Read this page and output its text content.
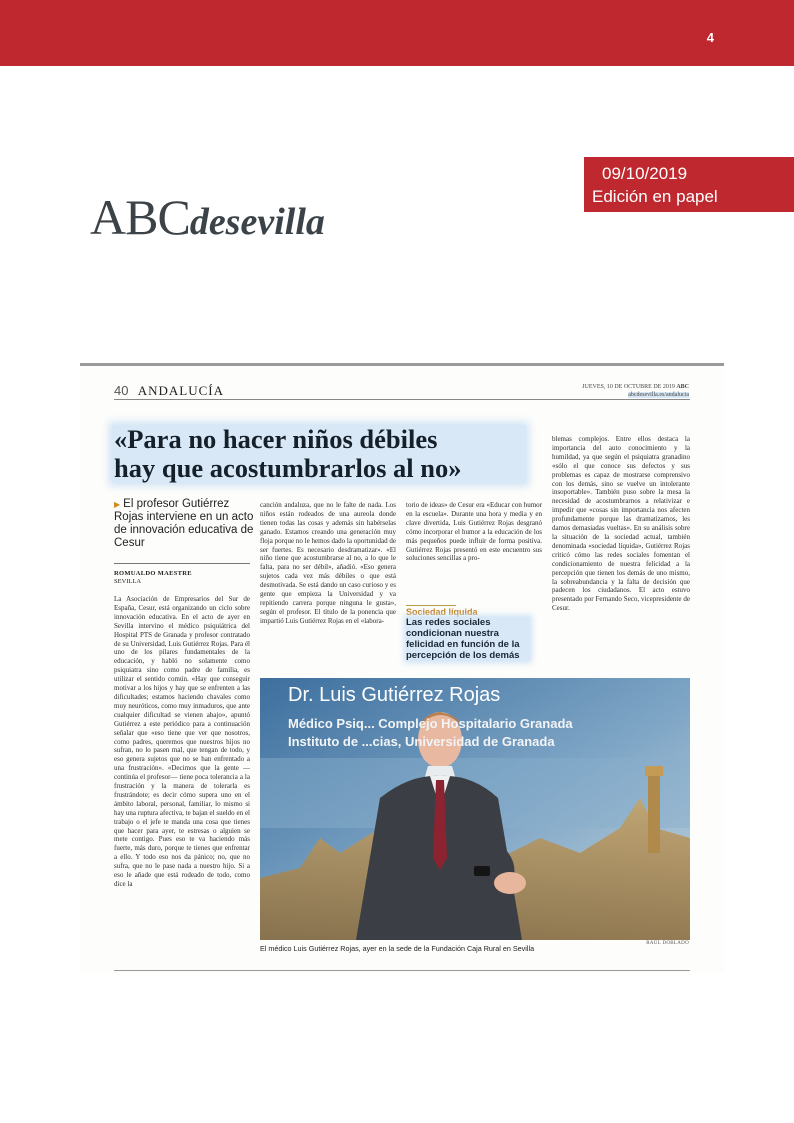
4
09/10/2019
Edición en papel
ABCdesevilla
40 ANDALUCÍA	JUEVES, 10 DE OCTUBRE DE 2019 ABC
abcdesevilla.es/andalucia
«Para no hacer niños débiles
hay que acostumbrarlos al no»
▶ El profesor Gutiérrez Rojas interviene en un acto de innovación educativa de Cesur
ROMUALDO MAESTRE
SEVILLA
La Asociación de Empresarios del Sur de España, Cesur, está organizando un ciclo sobre innovación educativa. En el acto de ayer en Sevilla intervino el médico psiquiátrica del Hospital PTS de Granada y profesor contratado de su Universidad, Luis Gutiérrez Rojas. Para él uno de los pilares fundamentales de la educación, y habló no solamente como psiquiatra sino como padre de familia, es utilizar el sentido común. «Hay que conseguir motivar a los hijos y hay que se enfrenten a las dificultades; estamos haciendo chavales como muy neuróticos, como muy inmaduros, que ante cualquier dificultad se vienen abajo», apuntó Gutiérrez a este periódico para a continuación señalar que «eso tiene que ver que nosotros, como padres, queremos que nuestros hijos no sufran, no lo pasen mal, que tengan de todo, y eso genera sujetos que no se han enfrentado a una frustración». «Decimos que la gente —continúa el profesor— tiene poca tolerancia a la frustración y la manera de tolerarla es frustrándote; es decir cómo supera uno en el ámbito laboral, personal, familiar, lo mismo si hay una ruptura afectiva, te bajan el sueldo en el trabajo o el jefe te manda una cosa que tienes que hacer para ayer, te estresas o alguien se mete contigo. Pues eso te va haciendo más fuerte, más duro, porque te tienes que enfrentar a ello. Y todo eso nos da pánico; no, que no sufra, que no le pase nada a nuestro hijo. Si a eso le añade que está rodeado de todo, como dice la
canción andaluza, que no le falte de nada. Los niños están rodeados de una aureola donde tienen todas las cosas y además sin habérselas ganado. Estamos creando una generación muy floja porque no le hemos dado la oportunidad de ser fuertes. Es necesario desdramatizar». «El niño tiene que acostumbrarse al no, a lo que le falta, para no ser débil», añadió. «Eso genera sujetos cada vez más débiles o que está desmotivada. Se está dando un caso curioso y es gente que empieza la Universidad y va repitiendo carrera porque ninguna le gusta», según el profesor. El título de la ponencia que impartió Luis Gutiérrez Rojas en el «labora-
torio de ideas» de Cesur era «Educar con humor en la escuela». Durante una hora y media y en clave divertida, Luis Gutiérrez Rojas desgranó cómo incorporar el humor a la educación de los más pequeños puede influir de forma positiva. Gutiérrez Rojas presentó en este encuentro sus soluciones sencillas a pro-
blemas complejos. Entre ellos destaca la importancia del auto conocimiento y la humildad, ya que según el psiquiatra granadino «sólo el que conoce sus defectos y sus problemas es capaz de mostrarse comprensivo con los demás, sino se vuelve un intolerante insoportable». También puso sobre la mesa la necesidad de acostumbrarnos a relativizar e impedir que «cosas sin importancia nos afecten profundamente porque las dramatizamos, les damos demasiadas vueltas». En su análisis sobre la situación de la sociedad actual, también denominada «sociedad líquida», Gutiérrez Rojas criticó cómo las redes sociales fomentan el condicionamiento de nuestra felicidad a la percepción que tienen los demás de uno mismo, la sobreabundancia y la falta de decisión que padecen los ciudadanos. El acto estuvo presentado por Fernando Seco, vicepresidente de Cesur.
Sociedad líquida
Las redes sociales condicionan nuestra felicidad en función de la percepción de los demás
Dr. Luis Gutiérrez Rojas
Médico Psiq... Complejo Hospitalario Granada
Instituto de ...cias, Universidad de Granada
RAÚL DOBLADO
El médico Luis Gutiérrez Rojas, ayer en la sede de la Fundación Caja Rural en Sevilla
